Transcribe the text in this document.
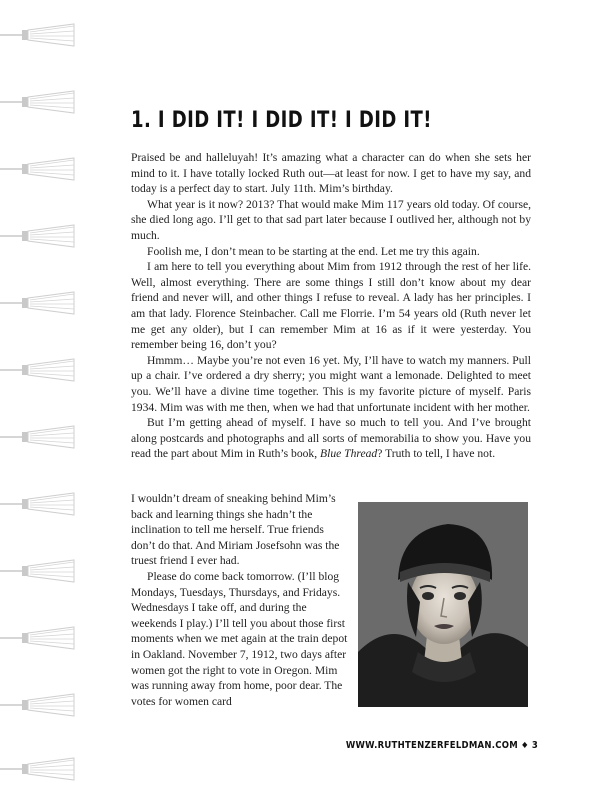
1. I DID IT! I DID IT! I DID IT!

Praised be and halleluyah! It’s amazing what a character can do when she sets her mind to it. I have totally locked Ruth out—at least for now. I get to have my say, and today is a perfect day to start. July 11th. Mim’s birthday.

What year is it now? 2013? That would make Mim 117 years old today. Of course, she died long ago. I’ll get to that sad part later because I outlived her, although not by much.

Foolish me, I don’t mean to be starting at the end. Let me try this again.

I am here to tell you everything about Mim from 1912 through the rest of her life. Well, almost everything. There are some things I still don’t know about my dear friend and never will, and other things I refuse to reveal. A lady has her principles. I am that lady. Florence Steinbacher. Call me Florrie. I’m 54 years old (Ruth never let me get any older), but I can remember Mim at 16 as if it were yesterday. You remember being 16, don’t you?

Hmmm… Maybe you’re not even 16 yet. My, I’ll have to watch my manners. Pull up a chair. I’ve ordered a dry sherry; you might want a lemonade. Delighted to meet you. We’ll have a divine time together. This is my favorite picture of myself. Paris 1934. Mim was with me then, when we had that unfortunate incident with her mother.

But I’m getting ahead of myself. I have so much to tell you. And I’ve brought along postcards and photographs and all sorts of memorabilia to show you. Have you read the part about Mim in Ruth’s book, Blue Thread? Truth to tell, I have not.

I wouldn’t dream of sneaking behind Mim’s back and learning things she hadn’t the inclination to tell me herself. True friends don’t do that. And Miriam Josefsohn was the truest friend I ever had.

Please do come back tomorrow. (I’ll blog Mondays, Tuesdays, Thursdays, and Fridays. Wednesdays I take off, and during the weekends I play.) I’ll tell you about those first moments when we met again at the train depot in Oakland. November 7, 1912, two days after women got the right to vote in Oregon. Mim was running away from home, poor dear. The votes for women card

WWW.RUTHTENZERFELDMAN.COM ◆ 3
